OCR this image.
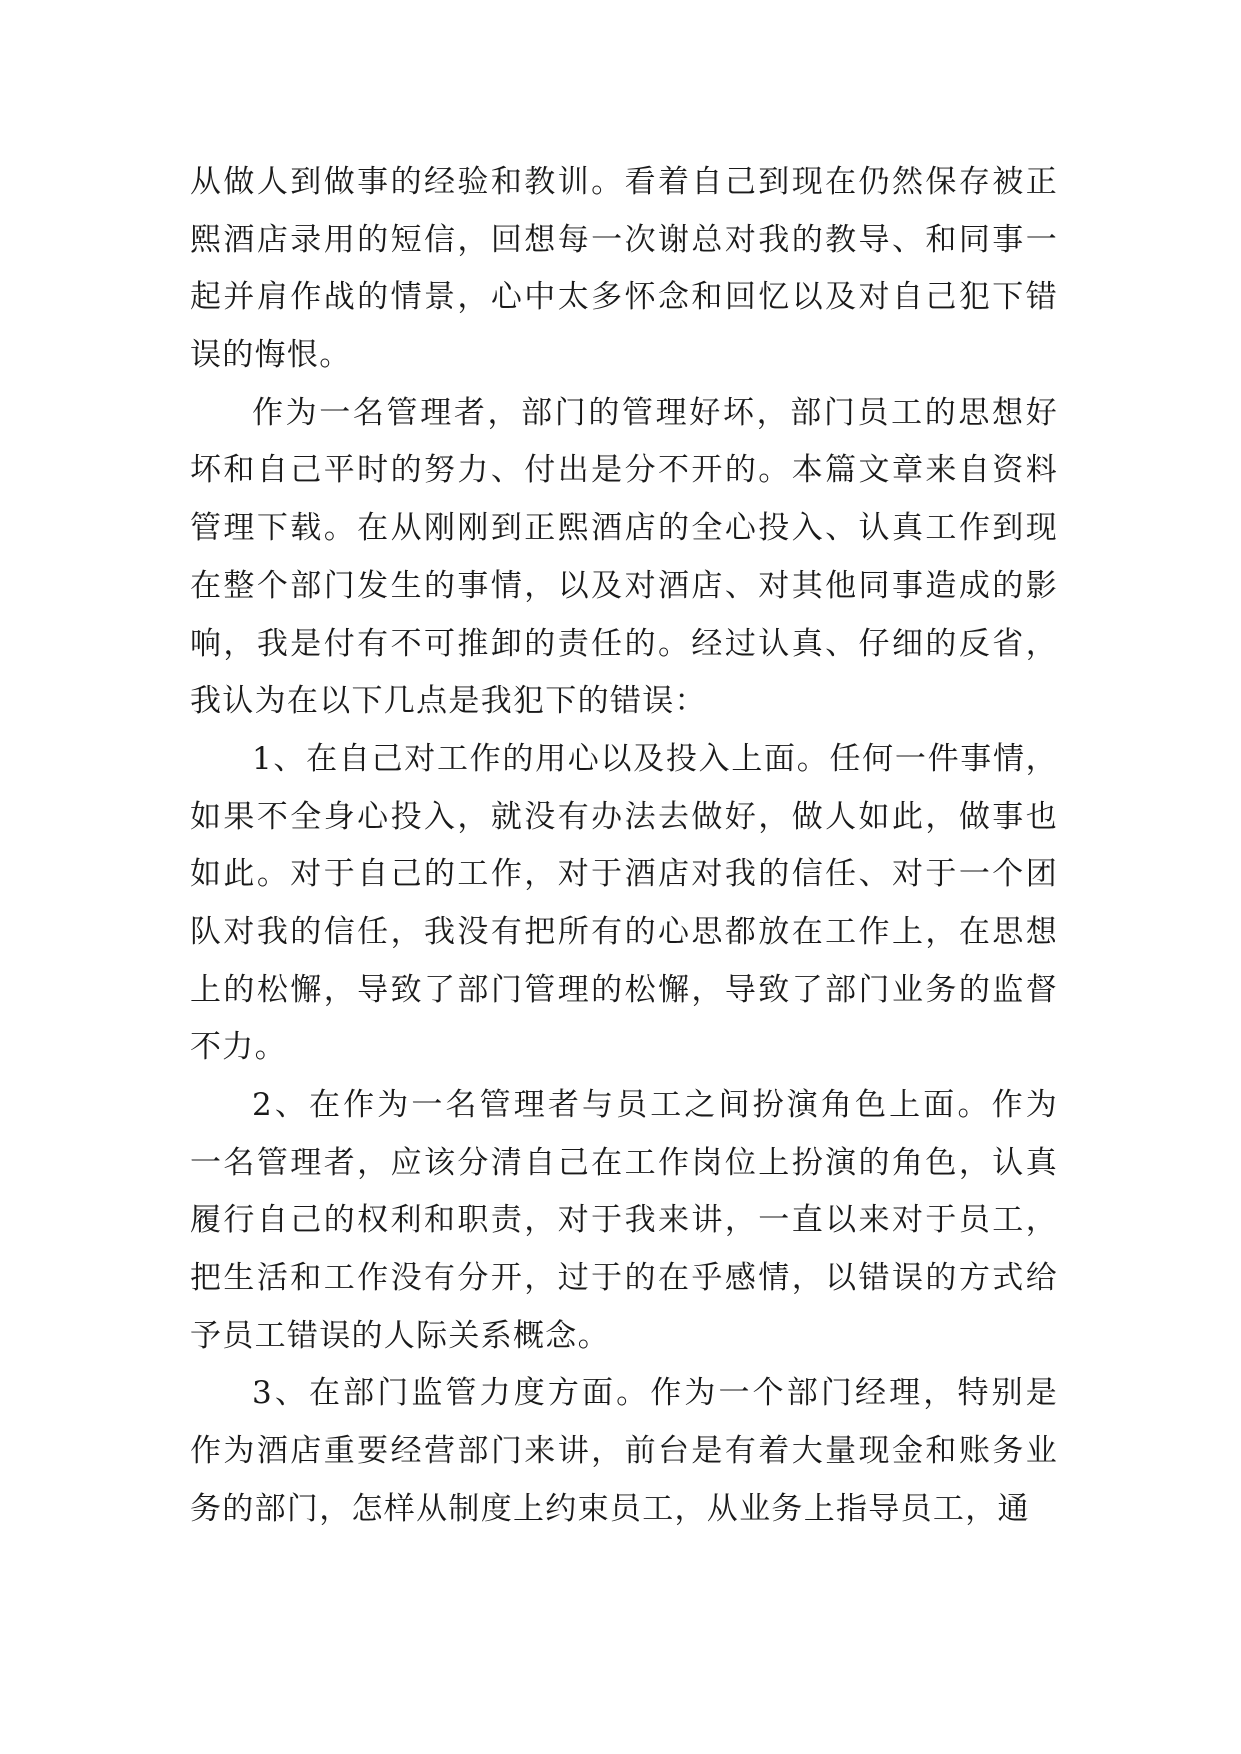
从做人到做事的经验和教训。看着自己到现在仍然保存被正
熙酒店录用的短信，回想每一次谢总对我的教导、和同事一
起并肩作战的情景，心中太多怀念和回忆以及对自己犯下错
误的悔恨。
作为一名管理者，部门的管理好坏，部门员工的思想好
坏和自己平时的努力、付出是分不开的。本篇文章来自资料
管理下载。在从刚刚到正熙酒店的全心投入、认真工作到现
在整个部门发生的事情，以及对酒店、对其他同事造成的影
响，我是付有不可推卸的责任的。经过认真、仔细的反省，
我认为在以下几点是我犯下的错误：
1、在自己对工作的用心以及投入上面。任何一件事情，
如果不全身心投入，就没有办法去做好，做人如此，做事也
如此。对于自己的工作，对于酒店对我的信任、对于一个团
队对我的信任，我没有把所有的心思都放在工作上，在思想
上的松懈，导致了部门管理的松懈，导致了部门业务的监督
不力。
2、在作为一名管理者与员工之间扮演角色上面。作为
一名管理者，应该分清自己在工作岗位上扮演的角色，认真
履行自己的权利和职责，对于我来讲，一直以来对于员工，
把生活和工作没有分开，过于的在乎感情，以错误的方式给
予员工错误的人际关系概念。
3、在部门监管力度方面。作为一个部门经理，特别是
作为酒店重要经营部门来讲，前台是有着大量现金和账务业
务的部门，怎样从制度上约束员工，从业务上指导员工，通
